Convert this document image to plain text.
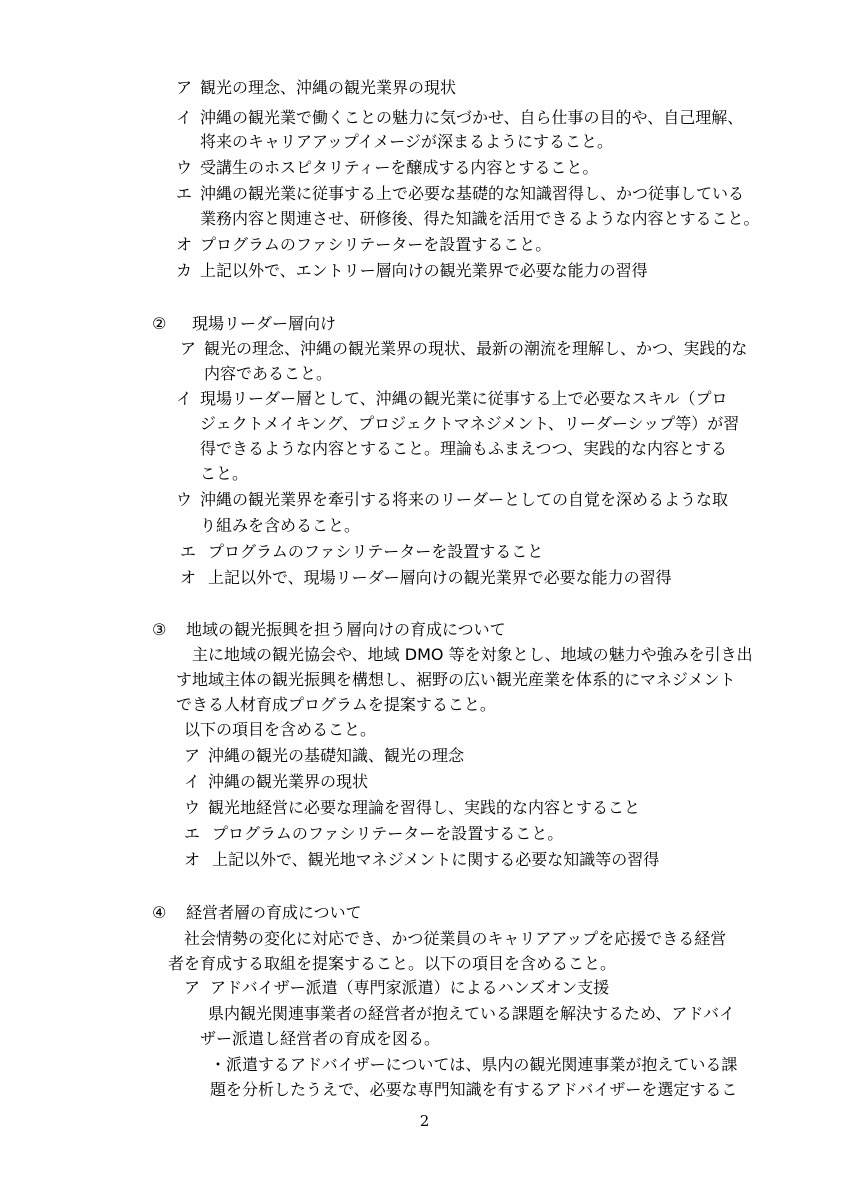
ア 観光の理念、沖縄の観光業界の現状
イ 沖縄の観光業で働くことの魅力に気づかせ、自ら仕事の目的や、自己理解、
将来のキャリアアップイメージが深まるようにすること。
ウ 受講生のホスピタリティーを醸成する内容とすること。
エ 沖縄の観光業に従事する上で必要な基礎的な知識習得し、かつ従事している
業務内容と関連させ、研修後、得た知識を活用できるような内容とすること。
オ プログラムのファシリテーターを設置すること。
カ 上記以外で、エントリー層向けの観光業界で必要な能力の習得
② 現場リーダー層向け
ア 観光の理念、沖縄の観光業界の現状、最新の潮流を理解し、かつ、実践的な
内容であること。
イ 現場リーダー層として、沖縄の観光業に従事する上で必要なスキル（プロ
ジェクトメイキング、プロジェクトマネジメント、リーダーシップ等）が習
得できるような内容とすること。理論もふまえつつ、実践的な内容とする
こと。
ウ 沖縄の観光業界を牽引する将来のリーダーとしての自覚を深めるような取
り組みを含めること。
エ プログラムのファシリテーターを設置すること
オ 上記以外で、現場リーダー層向けの観光業界で必要な能力の習得
③ 地域の観光振興を担う層向けの育成について
主に地域の観光協会や、地域 DMO 等を対象とし、地域の魅力や強みを引き出
す地域主体の観光振興を構想し、裾野の広い観光産業を体系的にマネジメント
できる人材育成プログラムを提案すること。
以下の項目を含めること。
ア 沖縄の観光の基礎知識、観光の理念
イ 沖縄の観光業界の現状
ウ 観光地経営に必要な理論を習得し、実践的な内容とすること
エ プログラムのファシリテーターを設置すること。
オ 上記以外で、観光地マネジメントに関する必要な知識等の習得
④ 経営者層の育成について
社会情勢の変化に対応でき、かつ従業員のキャリアアップを応援できる経営
者を育成する取組を提案すること。以下の項目を含めること。
ア アドバイザー派遣（専門家派遣）によるハンズオン支援
県内観光関連事業者の経営者が抱えている課題を解決するため、アドバイ
ザー派遣し経営者の育成を図る。
・派遣するアドバイザーについては、県内の観光関連事業が抱えている課
題を分析したうえで、必要な専門知識を有するアドバイザーを選定するこ
2
